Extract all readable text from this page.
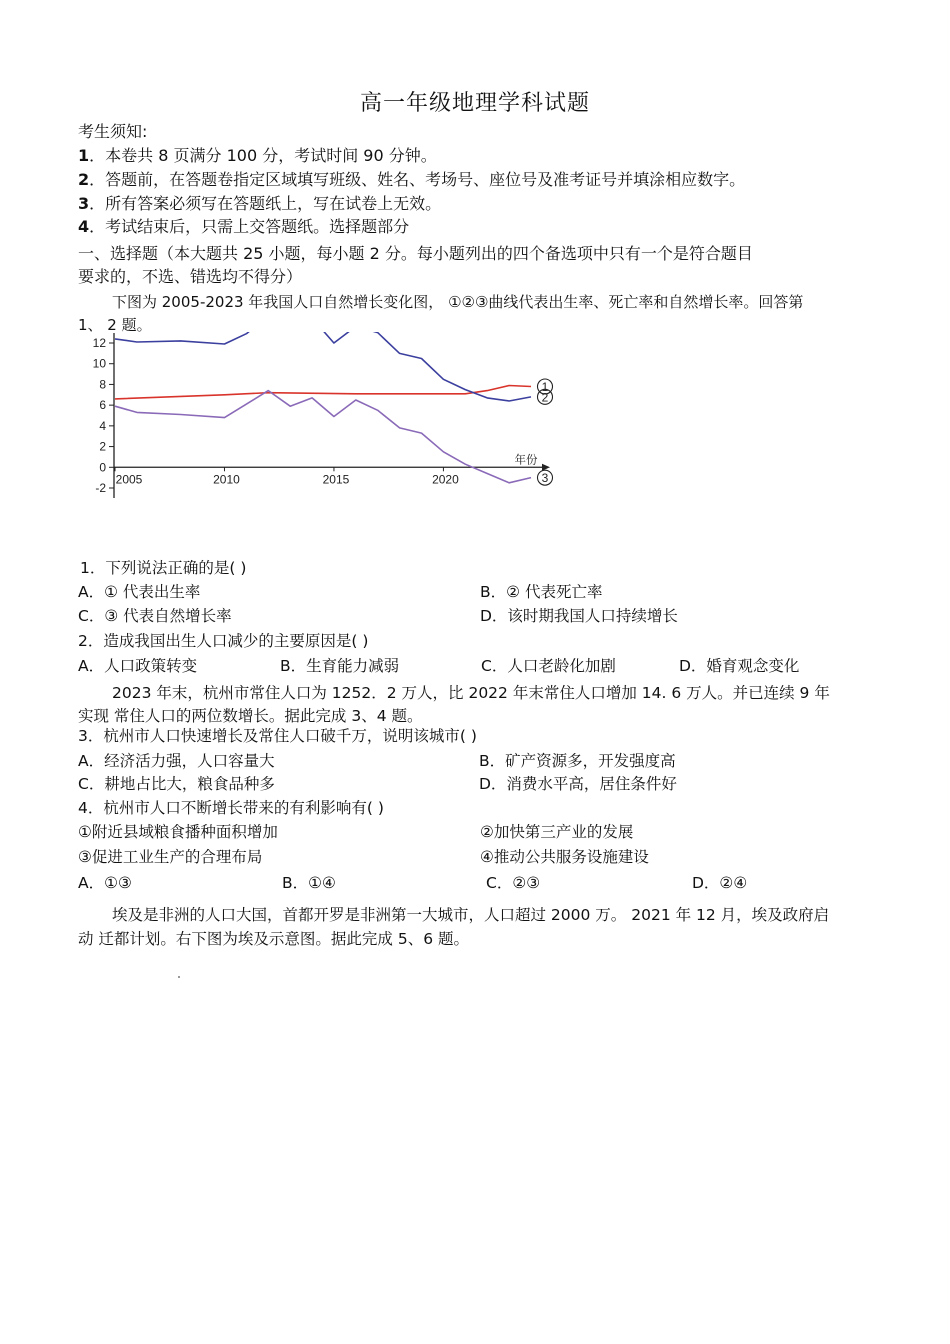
高一年级地理学科试题
考生须知:
1．本卷共 8 页满分 100 分，考试时间 90 分钟。
2．答题前，在答题卷指定区域填写班级、姓名、考场号、座位号及准考证号并填涂相应数字。
3．所有答案必须写在答题纸上，写在试卷上无效。
4．考试结束后，只需上交答题纸。选择题部分
一、选择题（本大题共 25 小题，每小题 2 分。每小题列出的四个备选项中只有一个是符合题目
要求的，不选、错选均不得分）
下图为 2005-2023 年我国人口自然增长变化图， ①②③曲线代表出生率、死亡率和自然增长率。回答第
1、 2 题。
12
10
8
6
4
2
0
-2
2005	2010	2015	2020
年份
1
2
3
1．下列说法正确的是( )
A．① 代表出生率	B．② 代表死亡率
C．③ 代表自然增长率	D．该时期我国人口持续增长
2．造成我国出生人口减少的主要原因是( )
A．人口政策转变	B．生育能力减弱	C．人口老龄化加剧	D．婚育观念变化
2023 年末，杭州市常住人口为 1252．2 万人，比 2022 年末常住人口增加 14. 6 万人。并已连续 9 年
实现 常住人口的两位数增长。据此完成 3、4 题。
3．杭州市人口快速增长及常住人口破千万，说明该城市( )
A．经济活力强，人口容量大	B．矿产资源多，开发强度高
C．耕地占比大，粮食品种多	D．消费水平高，居住条件好
4．杭州市人口不断增长带来的有利影响有( )
①附近县域粮食播种面积增加	②加快第三产业的发展
③促进工业生产的合理布局	④推动公共服务设施建设
A．①③	B．①④	C．②③	D．②④
埃及是非洲的人口大国，首都开罗是非洲第一大城市，人口超过 2000 万。 2021 年 12 月，埃及政府启
动 迁都计划。右下图为埃及示意图。据此完成 5、6 题。
